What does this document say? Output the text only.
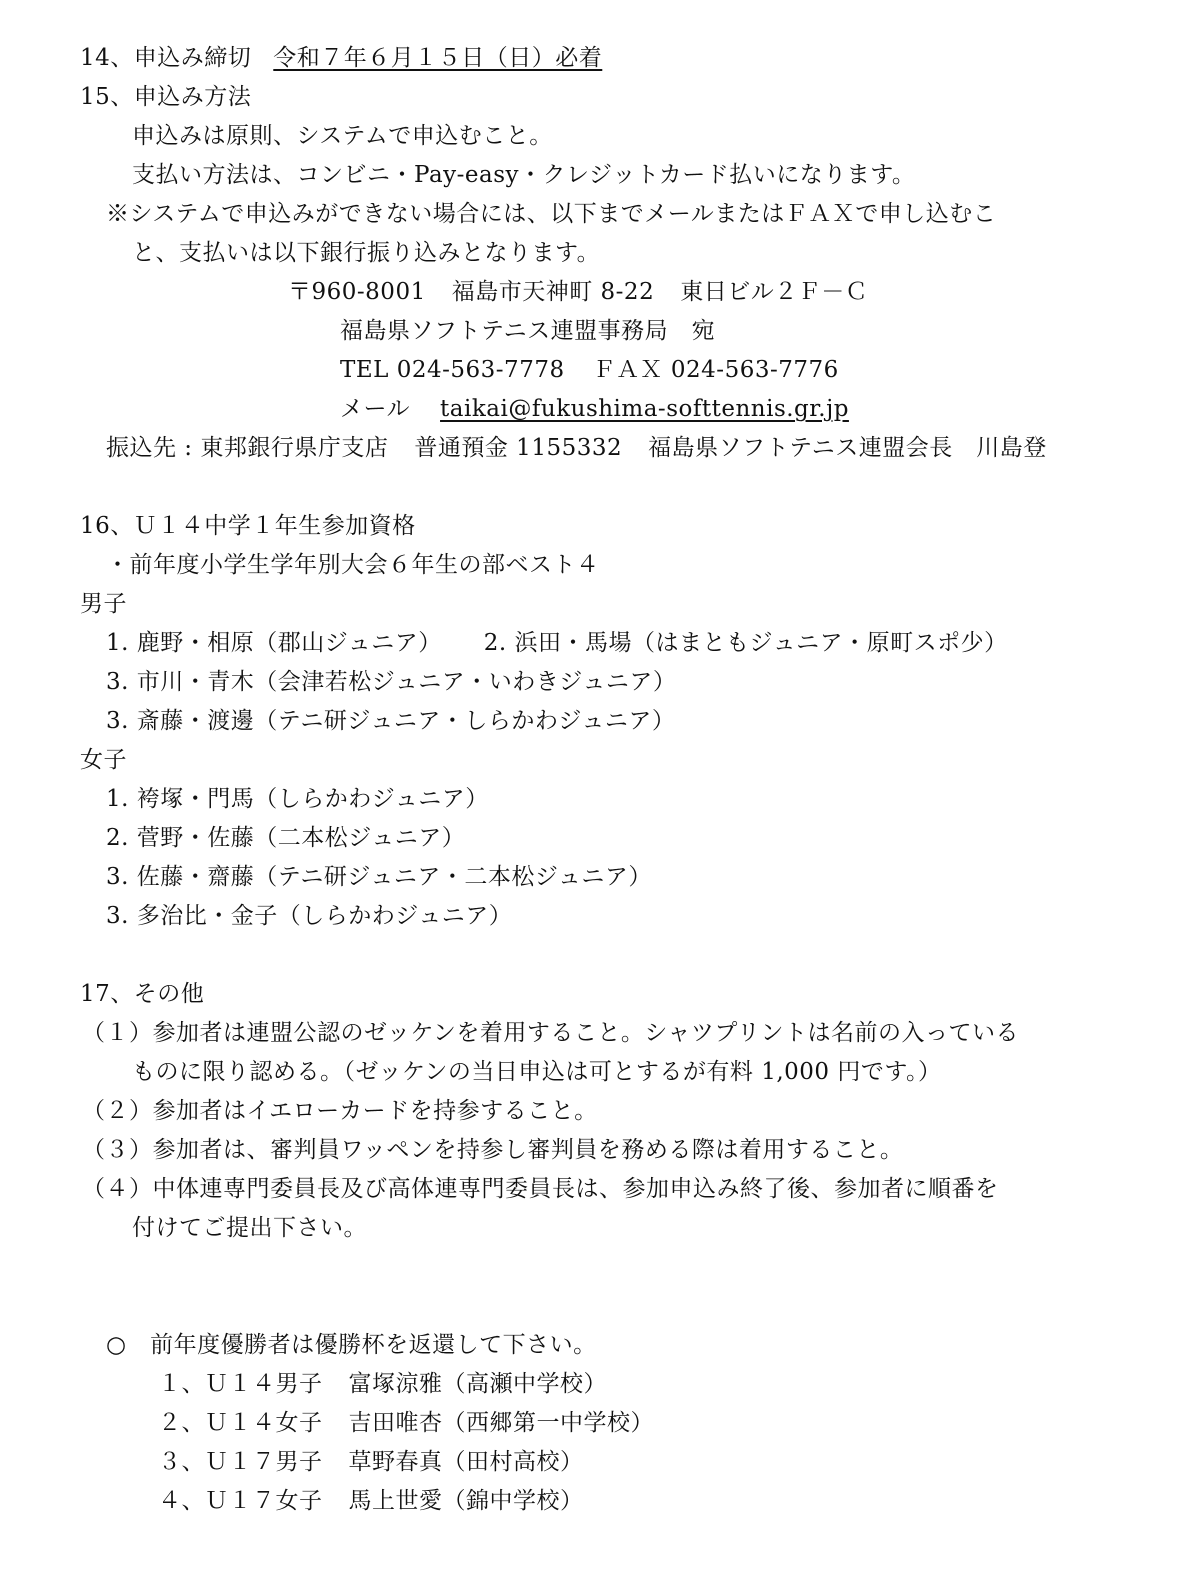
14、申込み締切 令和７年６月１５日（日）必着
15、申込み方法
申込みは原則、システムで申込むこと。
支払い方法は、コンビニ・Pay-easy・クレジットカード払いになります。
※システムで申込みができない場合には、以下までメールまたはＦＡＸで申し込むこ
と、支払いは以下銀行振り込みとなります。
〒960-8001 福島市天神町 8-22 東日ビル２Ｆ－Ｃ
福島県ソフトテニス連盟事務局　宛
TEL 024-563-7778 ＦＡＸ 024-563-7776
メール taikai@fukushima-softtennis.gr.jp
振込先 : 東邦銀行県庁支店 普通預金 1155332 福島県ソフトテニス連盟会長　川島登
16、Ｕ１４中学１年生参加資格
・前年度小学生学年別大会６年生の部ベスト４
男子
1. 鹿野・相原（郡山ジュニア） 2. 浜田・馬場（はまともジュニア・原町スポ少）
3. 市川・青木（会津若松ジュニア・いわきジュニア）
3. 斎藤・渡邊（テニ研ジュニア・しらかわジュニア）
女子
1. 袴塚・門馬（しらかわジュニア）
2. 菅野・佐藤（二本松ジュニア）
3. 佐藤・齋藤（テニ研ジュニア・二本松ジュニア）
3. 多治比・金子（しらかわジュニア）
17、その他
（１）参加者は連盟公認のゼッケンを着用すること。シャツプリントは名前の入っている
ものに限り認める。（ゼッケンの当日申込は可とするが有料 1,000 円です。）
（２）参加者はイエローカードを持参すること。
（３）参加者は、審判員ワッペンを持参し審判員を務める際は着用すること。
（４）中体連専門委員長及び高体連専門委員長は、参加申込み終了後、参加者に順番を
付けてご提出下さい。
○　前年度優勝者は優勝杯を返還して下さい。
１、Ｕ１４男子 富塚涼雅（高瀬中学校）
２、Ｕ１４女子 吉田唯杏（西郷第一中学校）
３、Ｕ１７男子 草野春真（田村高校）
４、Ｕ１７女子 馬上世愛（錦中学校）
